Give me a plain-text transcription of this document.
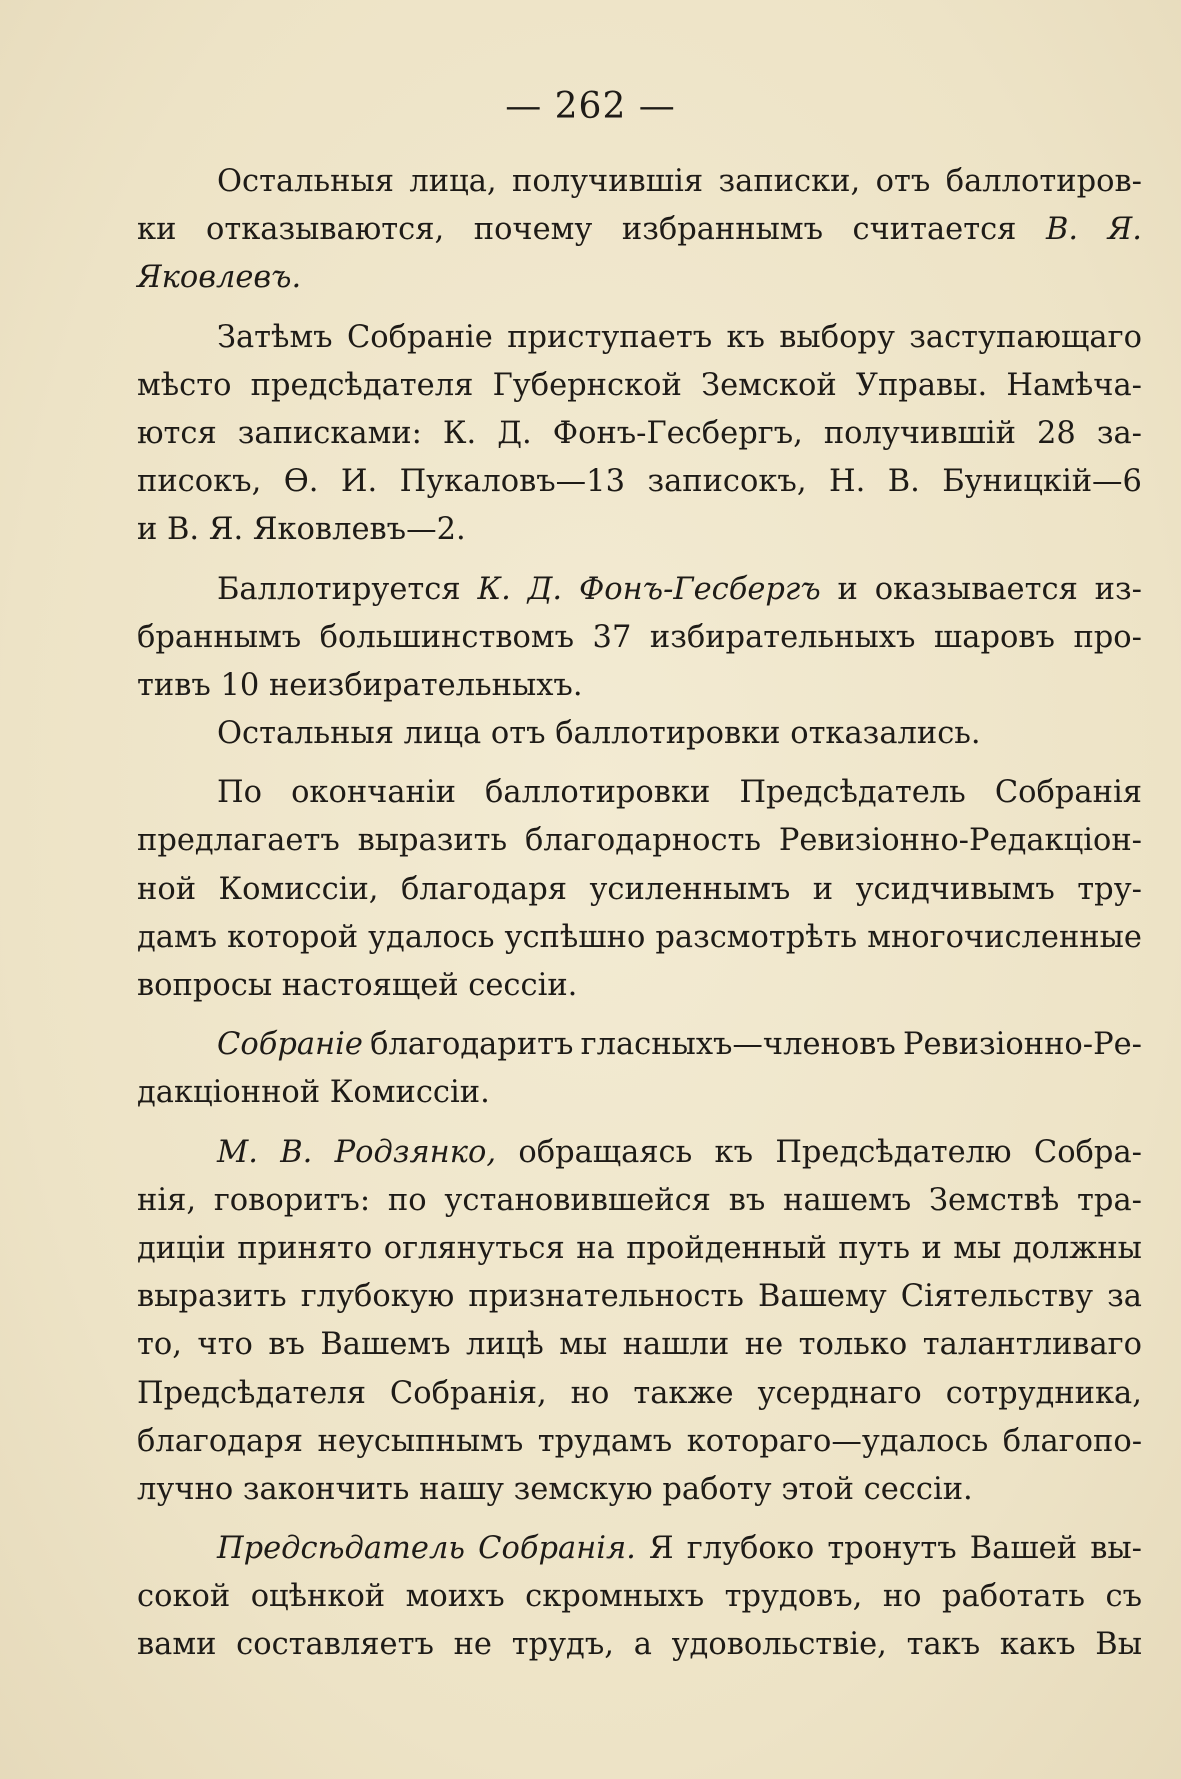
— 262 —
Остальныя лица, получившія записки, отъ баллотиров-
ки отказываются, почему избраннымъ считается В. Я.
Яковлевъ.
Затѣмъ Собраніе приступаетъ къ выбору заступающаго
мѣсто предсѣдателя Губернской Земской Управы. Намѣча-
ются записками: К. Д. Фонъ-Гесбергъ, получившій 28 за-
писокъ, Ѳ. И. Пукаловъ—13 записокъ, Н. В. Буницкій—6
и В. Я. Яковлевъ—2.
Баллотируется К. Д. Фонъ-Гесбергъ и оказывается из-
браннымъ большинствомъ 37 избирательныхъ шаровъ про-
тивъ 10 неизбирательныхъ.
Остальныя лица отъ баллотировки отказались.
По окончаніи баллотировки Предсѣдатель Собранія
предлагаетъ выразить благодарность Ревизіонно-Редакціон-
ной Комиссіи, благодаря усиленнымъ и усидчивымъ тру-
дамъ которой удалось успѣшно разсмотрѣть многочисленные
вопросы настоящей сессіи.
Собраніе благодаритъ гласныхъ—членовъ Ревизіонно-Ре-
дакціонной Комиссіи.
М. В. Родзянко, обращаясь къ Предсѣдателю Собра-
нія, говоритъ: по установившейся въ нашемъ Земствѣ тра-
диціи принято оглянуться на пройденный путь и мы должны
выразить глубокую признательность Вашему Сіятельству за
то, что въ Вашемъ лицѣ мы нашли не только талантливаго
Предсѣдателя Собранія, но также усерднаго сотрудника,
благодаря неусыпнымъ трудамъ котораго—удалось благопо-
лучно закончить нашу земскую работу этой сессіи.
Предсѣдатель Собранія. Я глубоко тронутъ Вашей вы-
сокой оцѣнкой моихъ скромныхъ трудовъ, но работать съ
вами составляетъ не трудъ, а удовольствіе, такъ какъ Вы
